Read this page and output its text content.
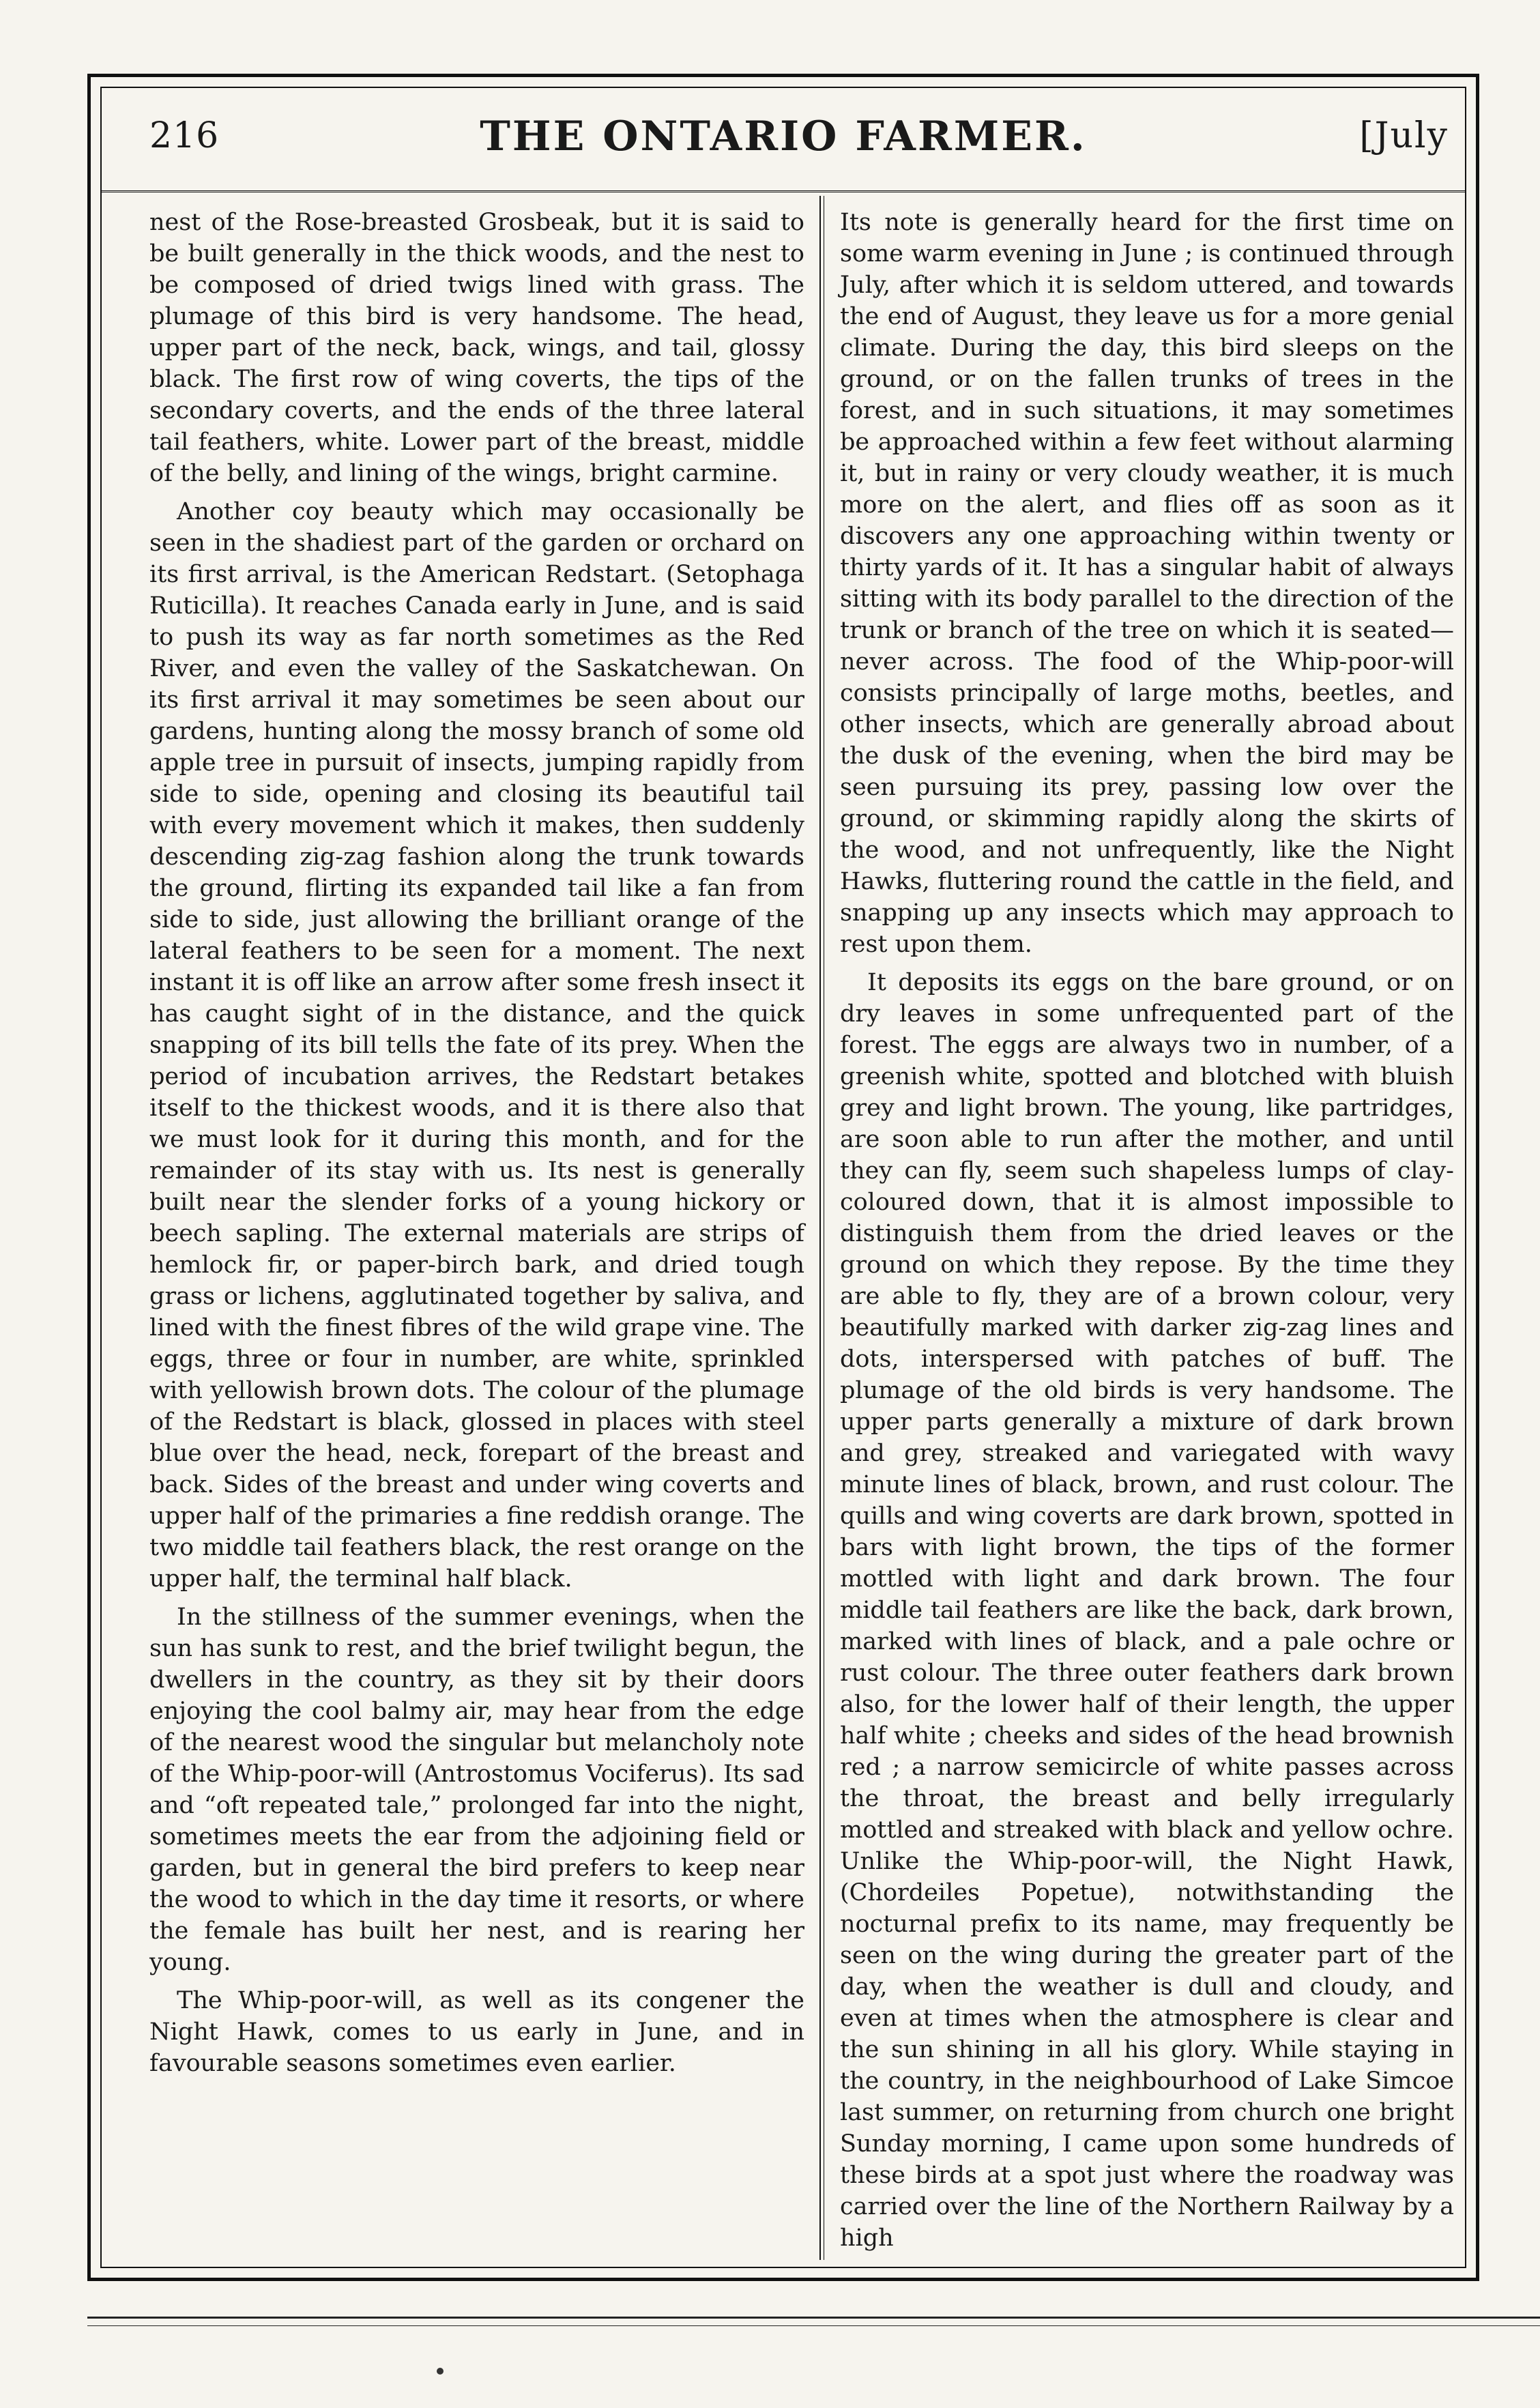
216	THE ONTARIO FARMER.	[July

nest of the Rose-breasted Grosbeak, but it is said to be built generally in the thick woods, and the nest to be composed of dried twigs lined with grass. The plumage of this bird is very handsome. The head, upper part of the neck, back, wings, and tail, glossy black. The first row of wing coverts, the tips of the secondary coverts, and the ends of the three lateral tail feathers, white. Lower part of the breast, middle of the belly, and lining of the wings, bright carmine.

Another coy beauty which may occasionally be seen in the shadiest part of the garden or orchard on its first arrival, is the American Redstart. (Setophaga Ruticilla). It reaches Canada early in June, and is said to push its way as far north sometimes as the Red River, and even the valley of the Saskatchewan. On its first arrival it may sometimes be seen about our gardens, hunting along the mossy branch of some old apple tree in pursuit of insects, jumping rapidly from side to side, opening and closing its beautiful tail with every movement which it makes, then suddenly descending zig-zag fashion along the trunk towards the ground, flirting its expanded tail like a fan from side to side, just allowing the brilliant orange of the lateral feathers to be seen for a moment. The next instant it is off like an arrow after some fresh insect it has caught sight of in the distance, and the quick snapping of its bill tells the fate of its prey. When the period of incubation arrives, the Redstart betakes itself to the thickest woods, and it is there also that we must look for it during this month, and for the remainder of its stay with us. Its nest is generally built near the slender forks of a young hickory or beech sapling. The external materials are strips of hemlock fir, or paper-birch bark, and dried tough grass or lichens, agglutinated together by saliva, and lined with the finest fibres of the wild grape vine. The eggs, three or four in number, are white, sprinkled with yellowish brown dots. The colour of the plumage of the Redstart is black, glossed in places with steel blue over the head, neck, forepart of the breast and back. Sides of the breast and under wing coverts and upper half of the primaries a fine reddish orange. The two middle tail feathers black, the rest orange on the upper half, the terminal half black.

In the stillness of the summer evenings, when the sun has sunk to rest, and the brief twilight begun, the dwellers in the country, as they sit by their doors enjoying the cool balmy air, may hear from the edge of the nearest wood the singular but melancholy note of the Whip-poor-will (Antrostomus Vociferus). Its sad and “oft repeated tale,” prolonged far into the night, sometimes meets the ear from the adjoining field or garden, but in general the bird prefers to keep near the wood to which in the day time it resorts, or where the female has built her nest, and is rearing her young.

The Whip-poor-will, as well as its congener the Night Hawk, comes to us early in June, and in favourable seasons sometimes even earlier.

Its note is generally heard for the first time on some warm evening in June ; is continued through July, after which it is seldom uttered, and towards the end of August, they leave us for a more genial climate. During the day, this bird sleeps on the ground, or on the fallen trunks of trees in the forest, and in such situations, it may sometimes be approached within a few feet without alarming it, but in rainy or very cloudy weather, it is much more on the alert, and flies off as soon as it discovers any one approaching within twenty or thirty yards of it. It has a singular habit of always sitting with its body parallel to the direction of the trunk or branch of the tree on which it is seated—never across. The food of the Whip-poor-will consists principally of large moths, beetles, and other insects, which are generally abroad about the dusk of the evening, when the bird may be seen pursuing its prey, passing low over the ground, or skimming rapidly along the skirts of the wood, and not unfrequently, like the Night Hawks, fluttering round the cattle in the field, and snapping up any insects which may approach to rest upon them.

It deposits its eggs on the bare ground, or on dry leaves in some unfrequented part of the forest. The eggs are always two in number, of a greenish white, spotted and blotched with bluish grey and light brown. The young, like partridges, are soon able to run after the mother, and until they can fly, seem such shapeless lumps of clay-coloured down, that it is almost impossible to distinguish them from the dried leaves or the ground on which they repose. By the time they are able to fly, they are of a brown colour, very beautifully marked with darker zig-zag lines and dots, interspersed with patches of buff. The plumage of the old birds is very handsome. The upper parts generally a mixture of dark brown and grey, streaked and variegated with wavy minute lines of black, brown, and rust colour. The quills and wing coverts are dark brown, spotted in bars with light brown, the tips of the former mottled with light and dark brown. The four middle tail feathers are like the back, dark brown, marked with lines of black, and a pale ochre or rust colour. The three outer feathers dark brown also, for the lower half of their length, the upper half white ; cheeks and sides of the head brownish red ; a narrow semicircle of white passes across the throat, the breast and belly irregularly mottled and streaked with black and yellow ochre. Unlike the Whip-poor-will, the Night Hawk, (Chordeiles Popetue), notwithstanding the nocturnal prefix to its name, may frequently be seen on the wing during the greater part of the day, when the weather is dull and cloudy, and even at times when the atmosphere is clear and the sun shining in all his glory. While staying in the country, in the neighbourhood of Lake Simcoe last summer, on returning from church one bright Sunday morning, I came upon some hundreds of these birds at a spot just where the roadway was carried over the line of the Northern Railway by a high
